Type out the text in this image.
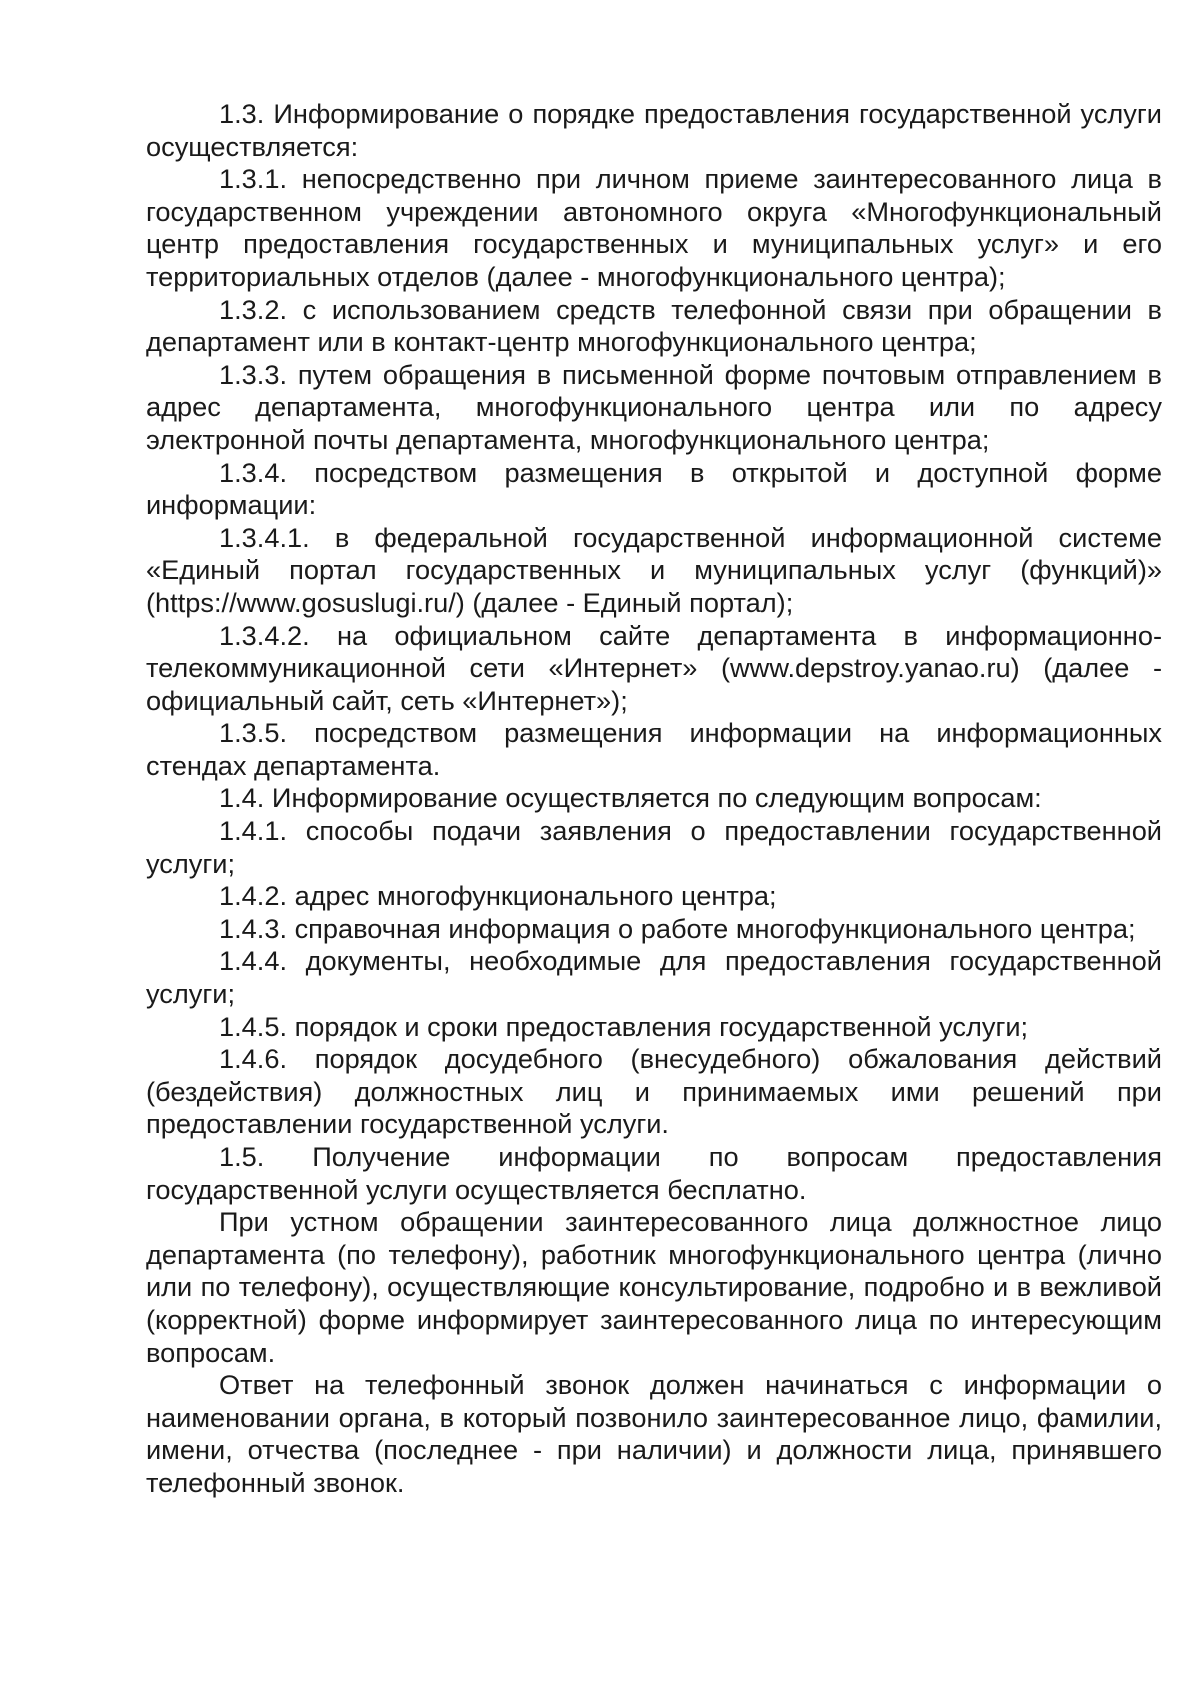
1.3. Информирование о порядке предоставления государственной услуги осуществляется:

1.3.1. непосредственно при личном приеме заинтересованного лица в государственном учреждении автономного округа «Многофункциональный центр предоставления государственных и муниципальных услуг» и его территориальных отделов (далее - многофункционального центра);

1.3.2. с использованием средств телефонной связи при обращении в департамент или в контакт-центр многофункционального центра;

1.3.3. путем обращения в письменной форме почтовым отправлением в адрес департамента, многофункционального центра или по адресу электронной почты департамента, многофункционального центра;

1.3.4. посредством размещения в открытой и доступной форме информации:

1.3.4.1. в федеральной государственной информационной системе «Единый портал государственных и муниципальных услуг (функций)» (https://www.gosuslugi.ru/) (далее - Единый портал);

1.3.4.2. на официальном сайте департамента в информационно-телекоммуникационной сети «Интернет» (www.depstroy.yanao.ru) (далее - официальный сайт, сеть «Интернет»);

1.3.5. посредством размещения информации на информационных стендах департамента.

1.4. Информирование осуществляется по следующим вопросам:

1.4.1. способы подачи заявления о предоставлении государственной услуги;

1.4.2. адрес многофункционального центра;

1.4.3. справочная информация о работе многофункционального центра;

1.4.4. документы, необходимые для предоставления государственной услуги;

1.4.5. порядок и сроки предоставления государственной услуги;

1.4.6. порядок досудебного (внесудебного) обжалования действий (бездействия) должностных лиц и принимаемых ими решений при предоставлении государственной услуги.

1.5. Получение информации по вопросам предоставления государственной услуги осуществляется бесплатно.

При устном обращении заинтересованного лица должностное лицо департамента (по телефону), работник многофункционального центра (лично или по телефону), осуществляющие консультирование, подробно и в вежливой (корректной) форме информирует заинтересованного лица по интересующим вопросам.

Ответ на телефонный звонок должен начинаться с информации о наименовании органа, в который позвонило заинтересованное лицо, фамилии, имени, отчества (последнее - при наличии) и должности лица, принявшего телефонный звонок.
